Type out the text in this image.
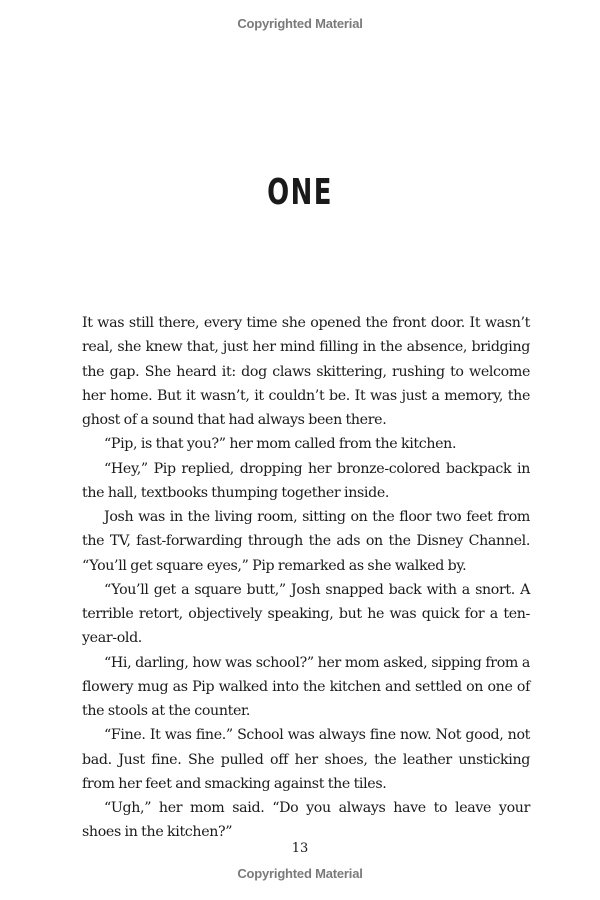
Copyrighted Material
ONE

It was still there, every time she opened the front door. It wasn’t real, she knew that, just her mind filling in the absence, bridging the gap. She heard it: dog claws skittering, rushing to welcome her home. But it wasn’t, it couldn’t be. It was just a memory, the ghost of a sound that had always been there.

“Pip, is that you?” her mom called from the kitchen.

“Hey,” Pip replied, dropping her bronze-colored backpack in the hall, textbooks thumping together inside.

Josh was in the living room, sitting on the floor two feet from the TV, fast-forwarding through the ads on the Disney Channel. “You’ll get square eyes,” Pip remarked as she walked by.

“You’ll get a square butt,” Josh snapped back with a snort. A terrible retort, objectively speaking, but he was quick for a ten-year-old.

“Hi, darling, how was school?” her mom asked, sipping from a flowery mug as Pip walked into the kitchen and settled on one of the stools at the counter.

“Fine. It was fine.” School was always fine now. Not good, not bad. Just fine. She pulled off her shoes, the leather unsticking from her feet and smacking against the tiles.

“Ugh,” her mom said. “Do you always have to leave your shoes in the kitchen?”

13
Copyrighted Material
